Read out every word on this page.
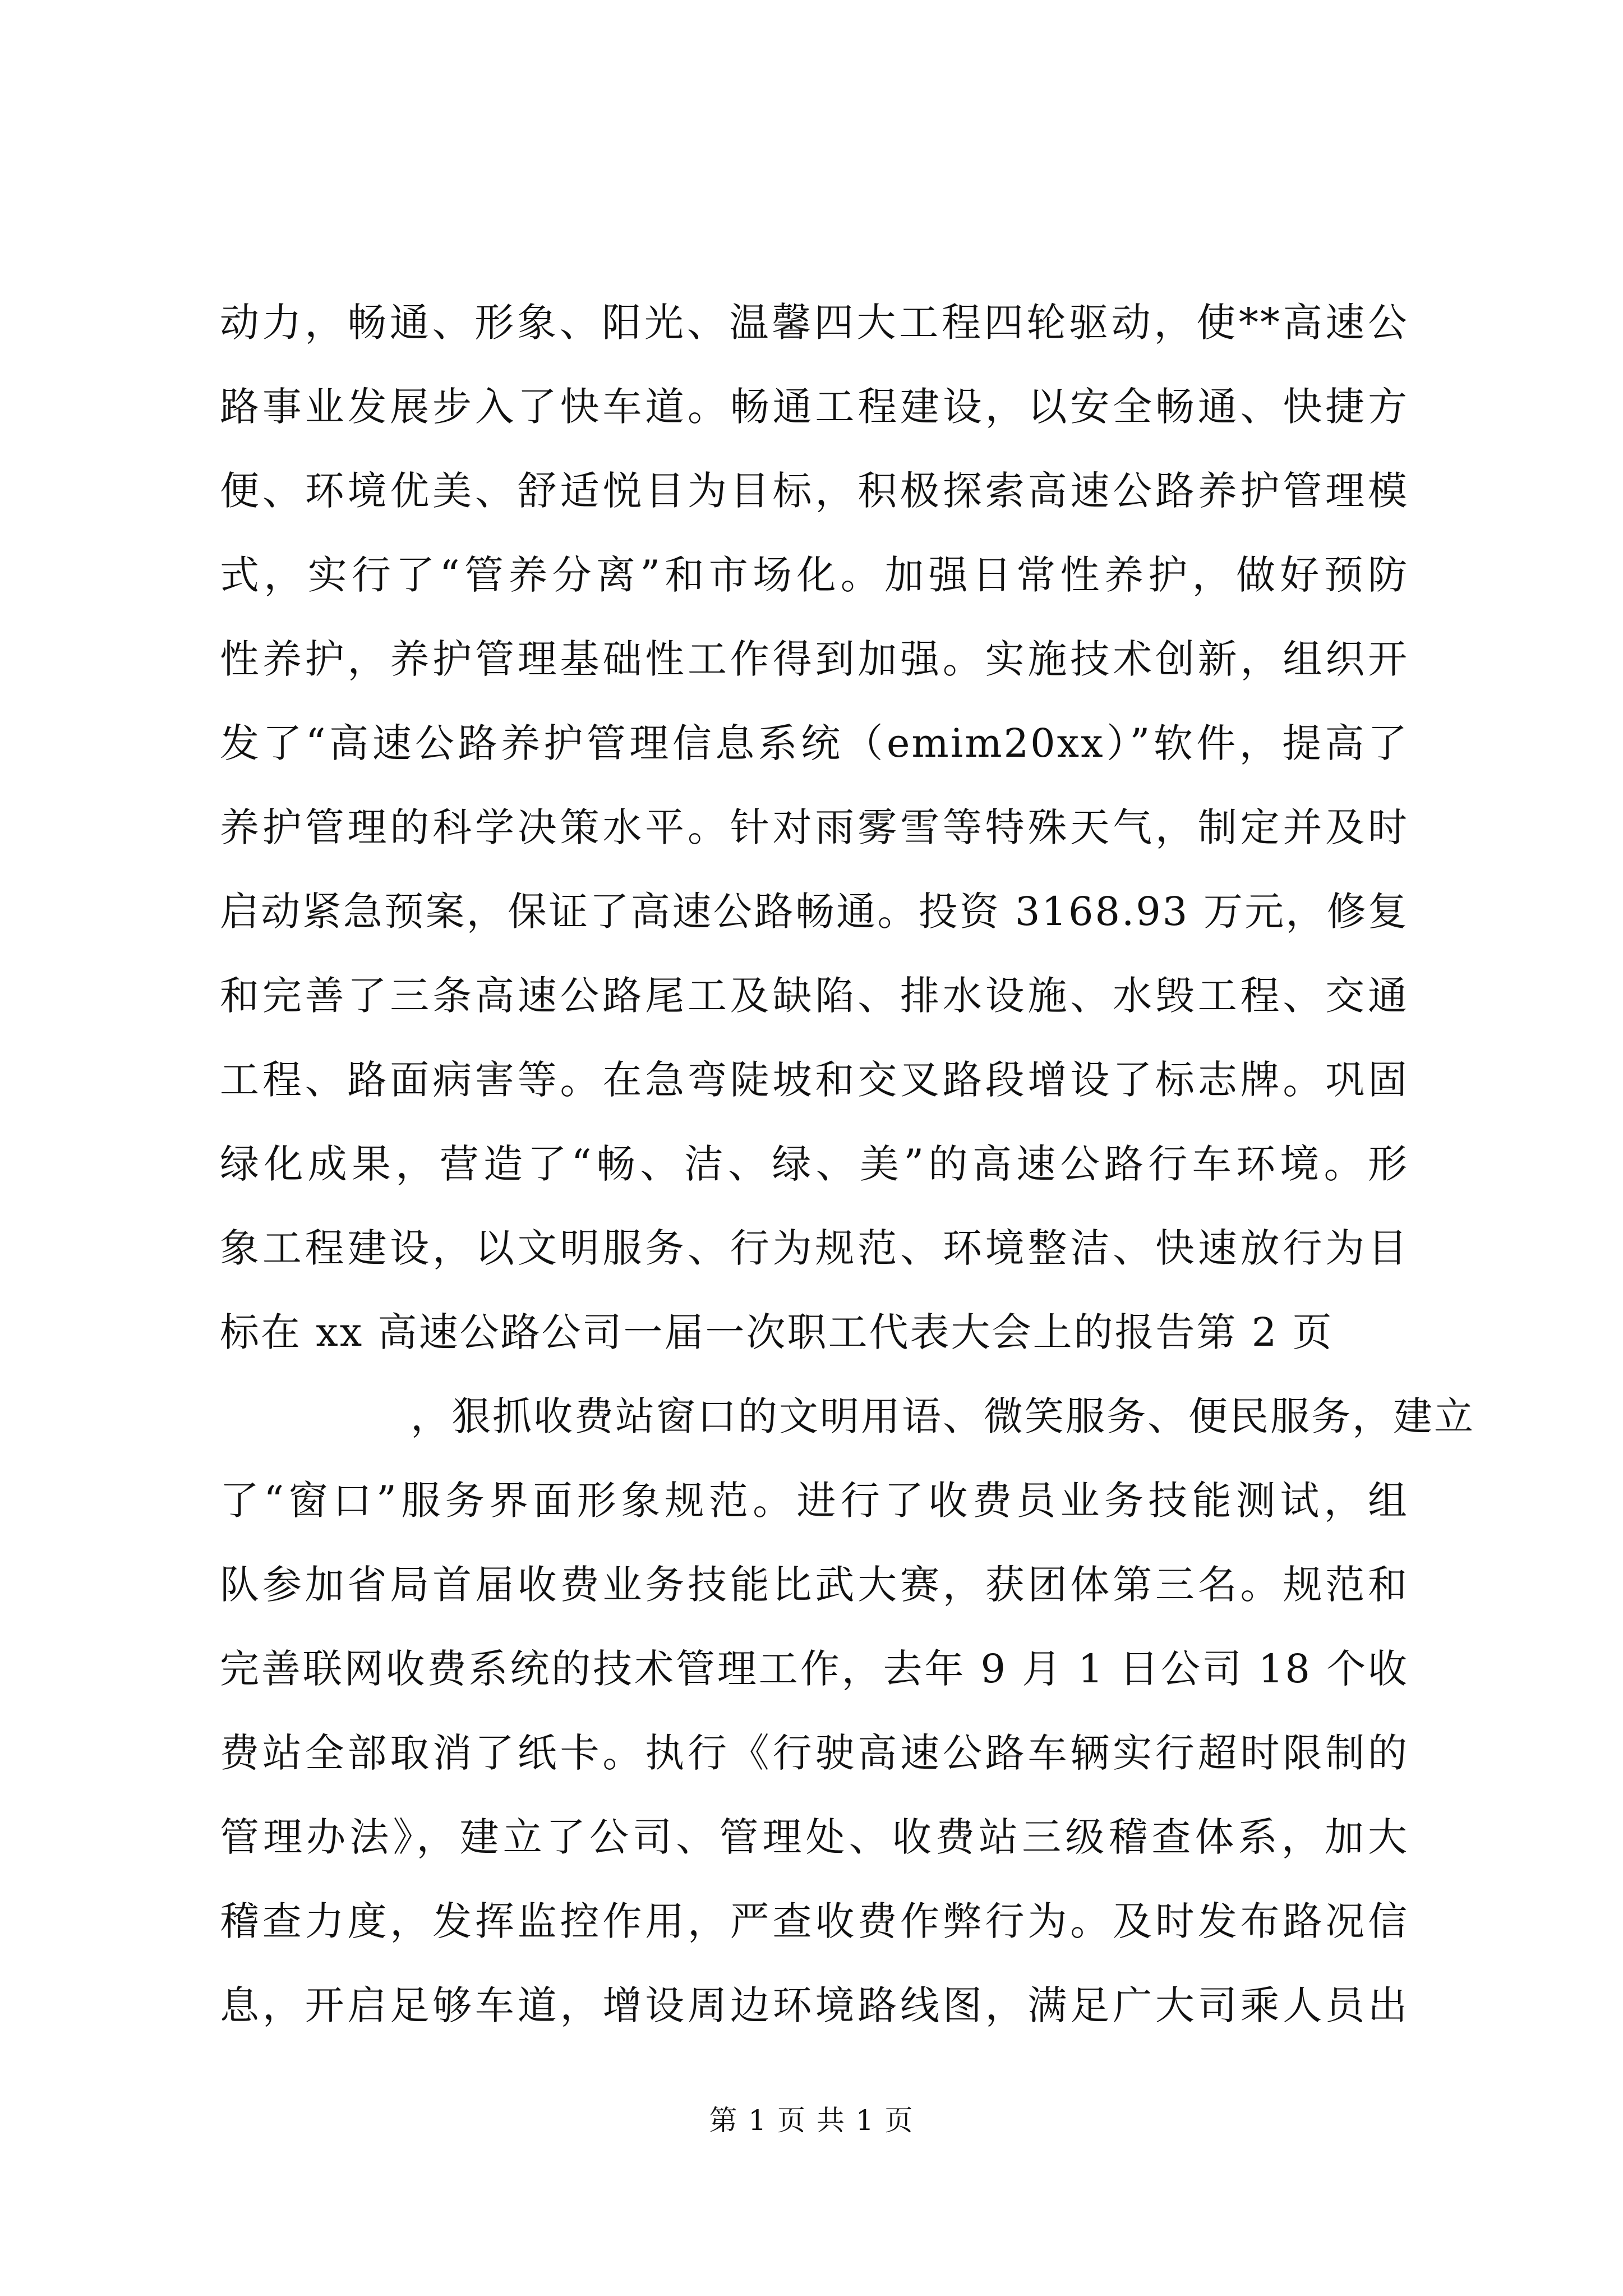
动力，畅通、形象、阳光、温馨四大工程四轮驱动，使**高速公
路事业发展步入了快车道。畅通工程建设，以安全畅通、快捷方
便、环境优美、舒适悦目为目标，积极探索高速公路养护管理模
式，实行了“管养分离”和市场化。加强日常性养护，做好预防
性养护，养护管理基础性工作得到加强。实施技术创新，组织开
发了“高速公路养护管理信息系统（emim20xx）”软件，提高了
养护管理的科学决策水平。针对雨雾雪等特殊天气，制定并及时
启动紧急预案，保证了高速公路畅通。投资 3168.93 万元，修复
和完善了三条高速公路尾工及缺陷、排水设施、水毁工程、交通
工程、路面病害等。在急弯陡坡和交叉路段增设了标志牌。巩固
绿化成果，营造了“畅、洁、绿、美”的高速公路行车环境。形
象工程建设，以文明服务、行为规范、环境整洁、快速放行为目
标在 xx 高速公路公司一届一次职工代表大会上的报告第 2 页
，狠抓收费站窗口的文明用语、微笑服务、便民服务，建立
了“窗口”服务界面形象规范。进行了收费员业务技能测试，组
队参加省局首届收费业务技能比武大赛，获团体第三名。规范和
完善联网收费系统的技术管理工作，去年 9 月 1 日公司 18 个收
费站全部取消了纸卡。执行《行驶高速公路车辆实行超时限制的
管理办法》，建立了公司、管理处、收费站三级稽查体系，加大
稽查力度，发挥监控作用，严查收费作弊行为。及时发布路况信
息，开启足够车道，增设周边环境路线图，满足广大司乘人员出
第 1 页 共 1 页
